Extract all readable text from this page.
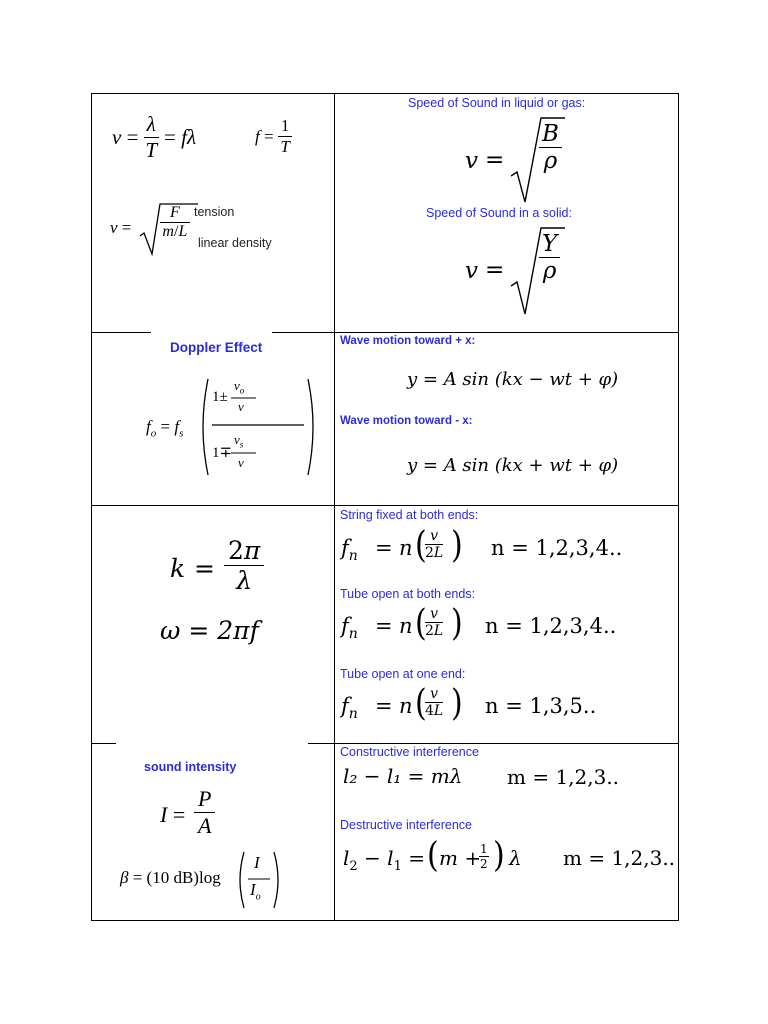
$v = \frac{\lambda}{T} = f\lambda$	$f = \frac{1}{T}$
$v = \frac{F}{m/L}$ tension
linear density
Speed of Sound in liquid or gas:
$v = \frac{B}{\rho}$
Speed of Sound in a solid:
$v = \frac{Y}{\rho}$
Doppler Effect
$f_o = f_s$
1±
$v_o$
v
1∓
$v_s$
v
Wave motion toward + x:
y = A sin (kx − wt + φ)
Wave motion toward - x:
y = A sin (kx + wt + φ)
$k = \frac{2\pi}{\lambda}$
ω = 2πf
String fixed at both ends:
$f_n = n$ (
$\frac{v}{2L}$ ) n = 1,2,3,4..
Tube open at both ends:
$f_n = n$ (
$\frac{v}{2L}$ ) n = 1,2,3,4..
Tube open at one end:
$f_n = n$ (
$\frac{v}{4L}$ ) n = 1,3,5..
sound intensity
$I = \frac{P}{A}$
β = (10 dB)log
I
$I_o$
Constructive interference
l₂ − l₁ = mλ m = 1,2,3..
Destructive interference
$l_2 - l_1$ = ( m +
$\frac{1}{2}$ ) λ m = 1,2,3..
